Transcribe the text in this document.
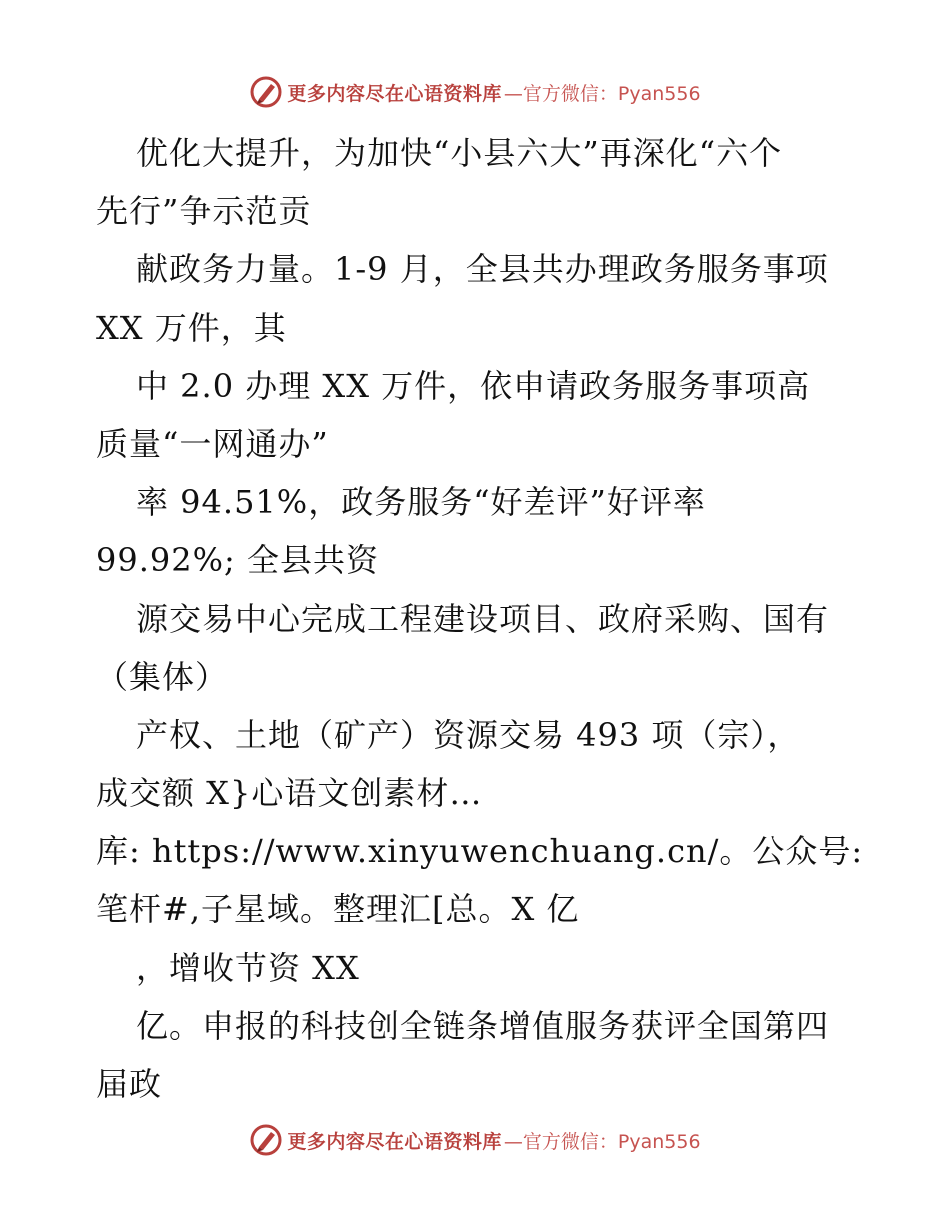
更多内容尽在心语资料库 —官方微信：Pyan556
优化大提升，为加快“小县六大”再深化“六个
先行”争示范贡
献政务力量。1-9 月，全县共办理政务服务事项
XX 万件，其
中 2.0 办理 XX 万件，依申请政务服务事项高
质量“一网通办”
率 94.51%，政务服务“好差评”好评率
99.92%; 全县共资
源交易中心完成工程建设项目、政府采购、国有
（集体）
产权、土地（矿产）资源交易 493 项（宗），
成交额 X}心语文创素材…
库: https://www.xinyuwenchuang.cn/。公众号:
笔杆#,子星域。整理汇[总。X 亿
，增收节资 XX
亿。申报的科技创全链条增值服务获评全国第四
届政
更多内容尽在心语资料库 —官方微信：Pyan556
